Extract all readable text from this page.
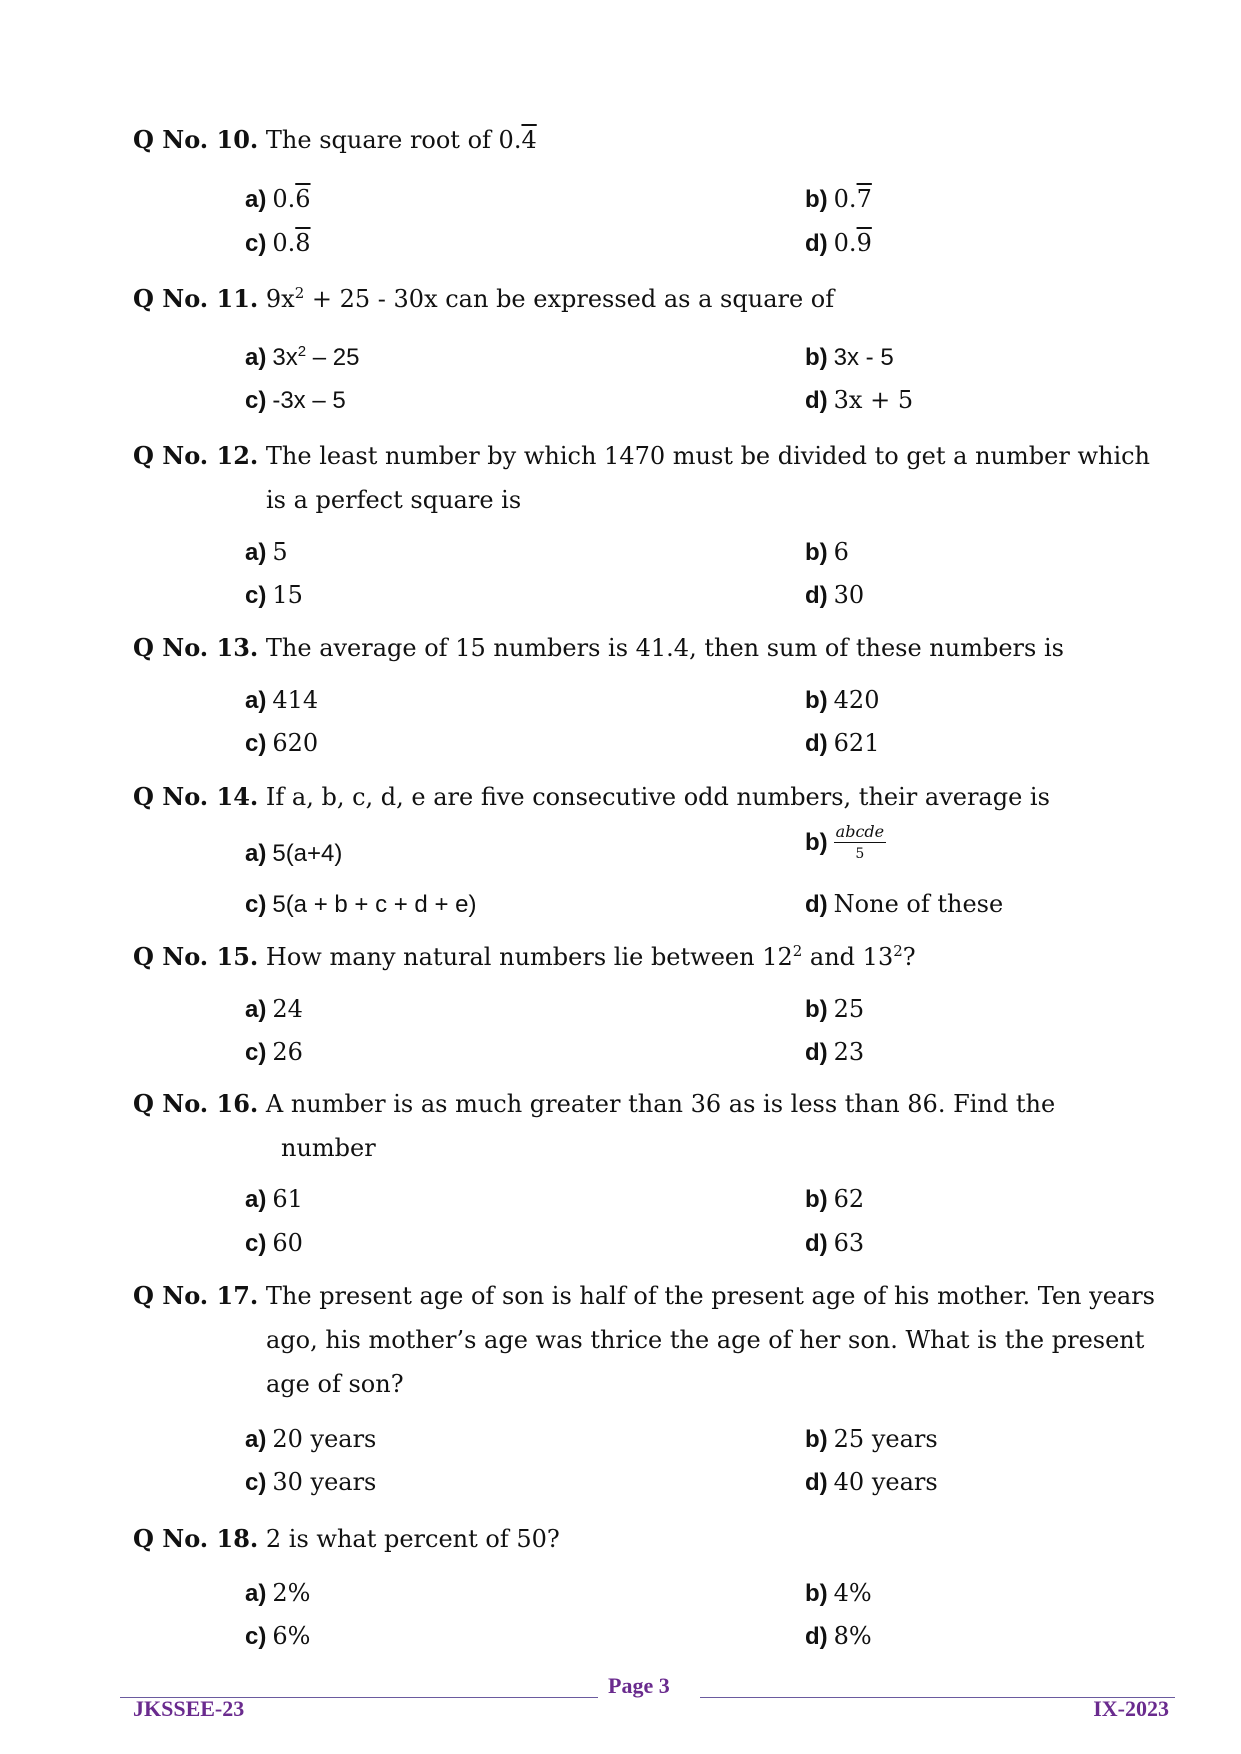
Q No. 10. The square root of 0.4
a) 0.6	b) 0.7
c) 0.8	d) 0.9
Q No. 11. $9x^2 + 25 - 30x$ can be expressed as a square of
a) $3x^2 - 25$	b) 3x - 5
c) -3x – 5	d) 3x + 5
Q No. 12. The least number by which 1470 must be divided to get a number which
is a perfect square is
a) 5	b) 6
c) 15	d) 30
Q No. 13. The average of 15 numbers is 41.4, then sum of these numbers is
a) 414	b) 420
c) 620	d) 621
Q No. 14. If a, b, c, d, e are five consecutive odd numbers, their average is
a) 5(a+4)	$b) \frac{\text{abcde}}{5}$
c) 5(a + b + c + d + e)	d) None of these
Q No. 15. How many natural numbers lie between $12^2$ and $13^2$?
a) 24	b) 25
c) 26	d) 23
Q No. 16. A number is as much greater than 36 as is less than 86. Find the
number
a) 61	b) 62
c) 60	d) 63
Q No. 17. The present age of son is half of the present age of his mother. Ten years
ago, his mother’s age was thrice the age of her son. What is the present
age of son?
a) 20 years	b) 25 years
c) 30 years	d) 40 years
Q No. 18. 2 is what percent of 50?
a) 2%	b) 4%
c) 6%	d) 8%
JKSSEE-23
Page 3
IX-2023
